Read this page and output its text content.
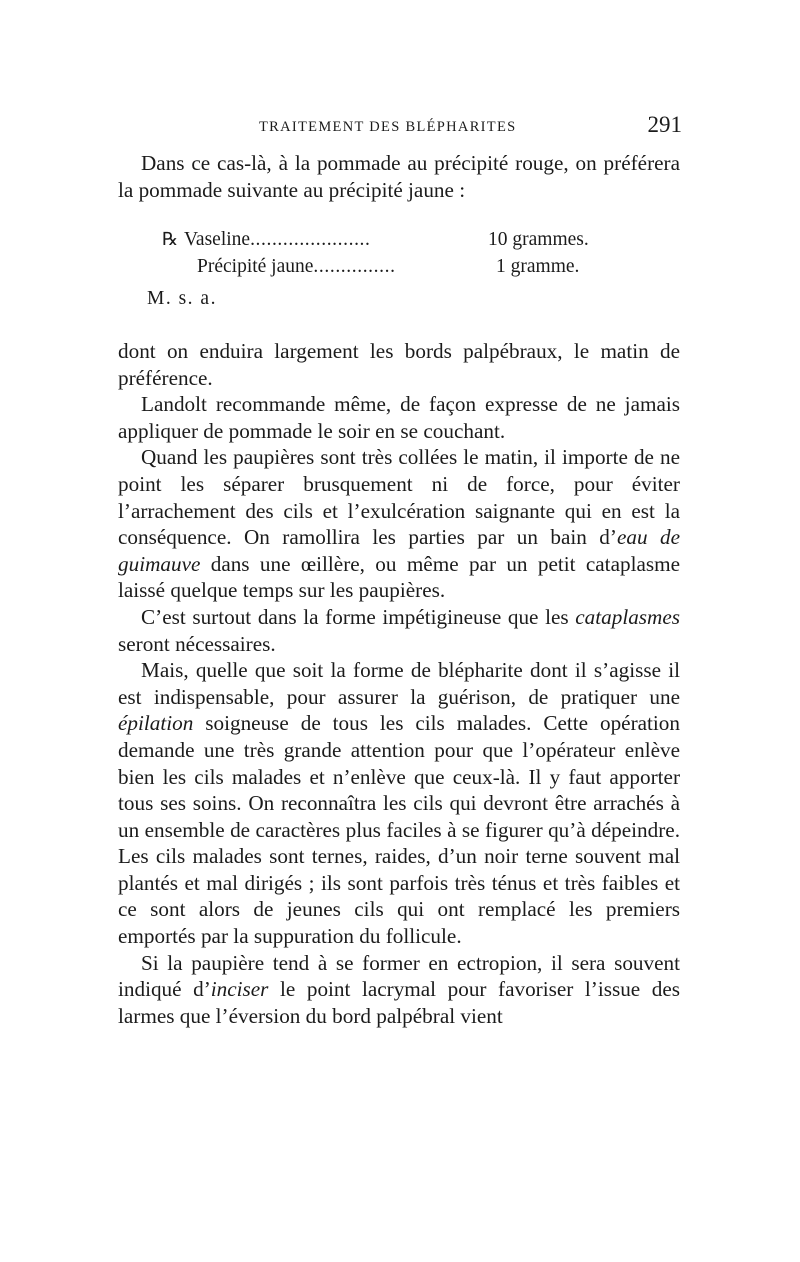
TRAITEMENT DES BLÉPHARITES	291

Dans ce cas-là, à la pommade au précipité rouge, on préférera la pommade suivante au précipité jaune :

℞ Vaseline......................	10 grammes.
Précipité jaune...............	1 gramme.
M. s. a.

dont on enduira largement les bords palpébraux, le matin de préférence.

Landolt recommande même, de façon expresse de ne jamais appliquer de pommade le soir en se couchant.

Quand les paupières sont très collées le matin, il importe de ne point les séparer brusquement ni de force, pour éviter l’arrachement des cils et l’exulcération saignante qui en est la conséquence. On ramollira les parties par un bain d’eau de guimauve dans une œillère, ou même par un petit cataplasme laissé quelque temps sur les paupières.

C’est surtout dans la forme impétigineuse que les cataplasmes seront nécessaires.

Mais, quelle que soit la forme de blépharite dont il s’agisse il est indispensable, pour assurer la guérison, de pratiquer une épilation soigneuse de tous les cils malades. Cette opération demande une très grande attention pour que l’opérateur enlève bien les cils malades et n’enlève que ceux-là. Il y faut apporter tous ses soins. On reconnaîtra les cils qui devront être arrachés à un ensemble de caractères plus faciles à se figurer qu’à dépeindre. Les cils malades sont ternes, raides, d’un noir terne souvent mal plantés et mal dirigés ; ils sont parfois très ténus et très faibles et ce sont alors de jeunes cils qui ont remplacé les premiers emportés par la suppuration du follicule.

Si la paupière tend à se former en ectropion, il sera souvent indiqué d’inciser le point lacrymal pour favoriser l’issue des larmes que l’éversion du bord palpébral vient
